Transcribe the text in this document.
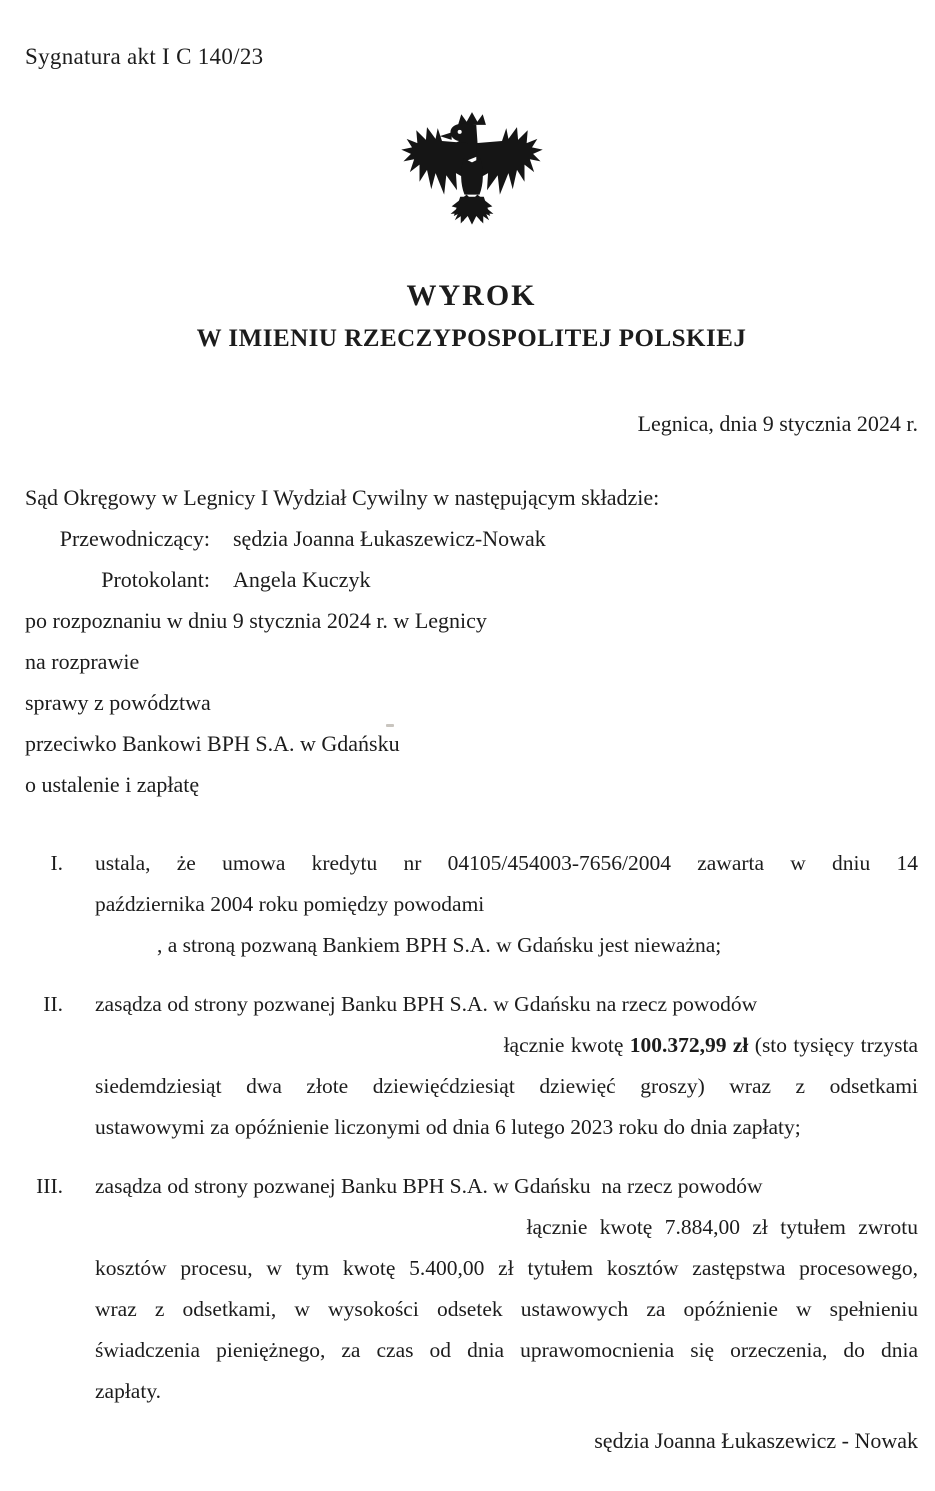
Sygnatura akt I C 140/23
WYROK
W IMIENIU RZECZYPOSPOLITEJ POLSKIEJ
Legnica, dnia 9 stycznia 2024 r.
Sąd Okręgowy w Legnicy I Wydział Cywilny w następującym składzie:
Przewodniczący: sędzia Joanna Łukaszewicz-Nowak
Protokolant: Angela Kuczyk
po rozpoznaniu w dniu 9 stycznia 2024 r. w Legnicy
na rozprawie
sprawy z powództwa
przeciwko Bankowi BPH S.A. w Gdańsku
o ustalenie i zapłatę
I. ustala, że umowa kredytu nr 04105/454003-7656/2004 zawarta w dniu 14
października 2004 roku pomiędzy powodami
, a stroną pozwaną Bankiem BPH S.A. w Gdańsku jest nieważna;
II. zasądza od strony pozwanej Banku BPH S.A. w Gdańsku na rzecz powodów
łącznie kwotę 100.372,99 zł (sto tysięcy trzysta
siedemdziesiąt dwa złote dziewięćdziesiąt dziewięć groszy) wraz z odsetkami
ustawowymi za opóźnienie liczonymi od dnia 6 lutego 2023 roku do dnia zapłaty;
III. zasądza od strony pozwanej Banku BPH S.A. w Gdańsku  na rzecz powodów
łącznie kwotę 7.884,00 zł tytułem zwrotu
kosztów procesu, w tym kwotę 5.400,00 zł tytułem kosztów zastępstwa procesowego,
wraz z odsetkami, w wysokości odsetek ustawowych za opóźnienie w spełnieniu
świadczenia pieniężnego, za czas od dnia uprawomocnienia się orzeczenia, do dnia
zapłaty.
sędzia Joanna Łukaszewicz - Nowak
